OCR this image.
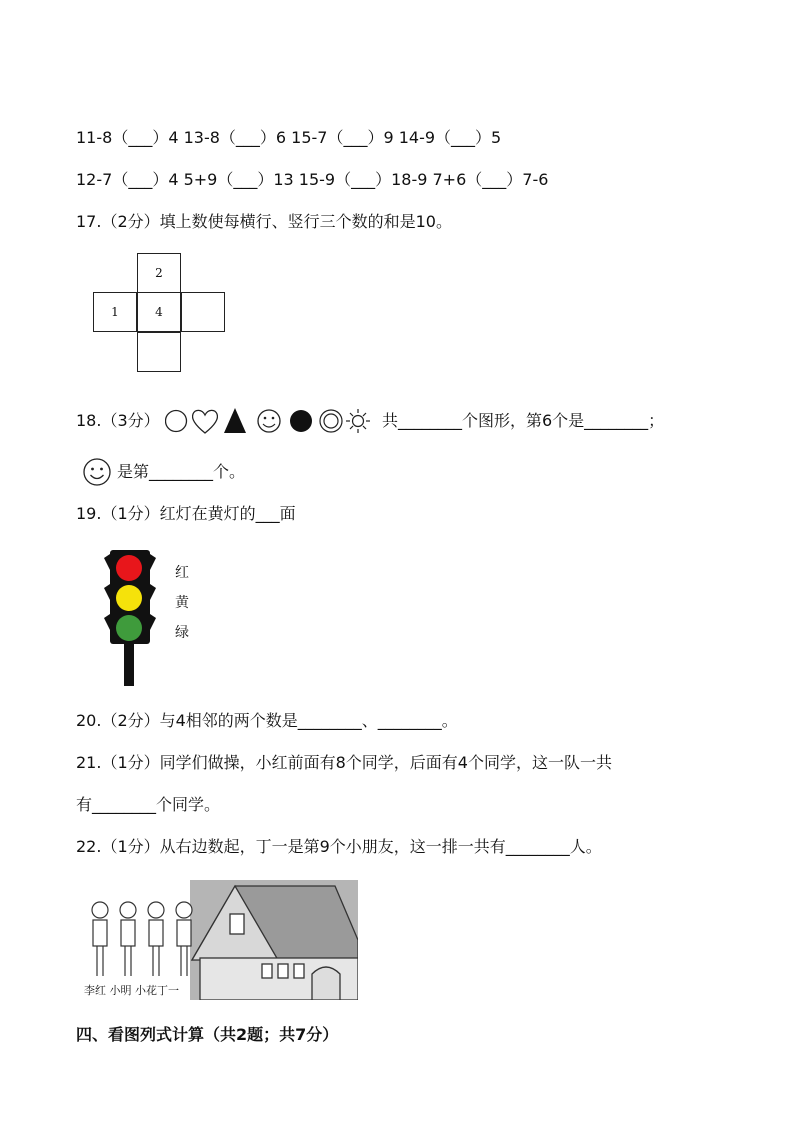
11-8（___）4 13-8（___）6 15-7（___）9 14-9（___）5
12-7（___）4 5+9（___）13 15-9（___）18-9 7+6（___）7-6
17.（2分）填上数使每横行、竖行三个数的和是10。
2
1	4
18.（3分）	共________个图形，第6个是________；
是第________个。
19.（1分）红灯在黄灯的___面
红
黄
绿
20.（2分）与4相邻的两个数是________、________。
21.（1分）同学们做操，小红前面有8个同学，后面有4个同学，这一队一共
有________个同学。
22.（1分）从右边数起，丁一是第9个小朋友，这一排一共有________人。
李红 小明 小花丁一
四、看图列式计算（共2题；共7分）
